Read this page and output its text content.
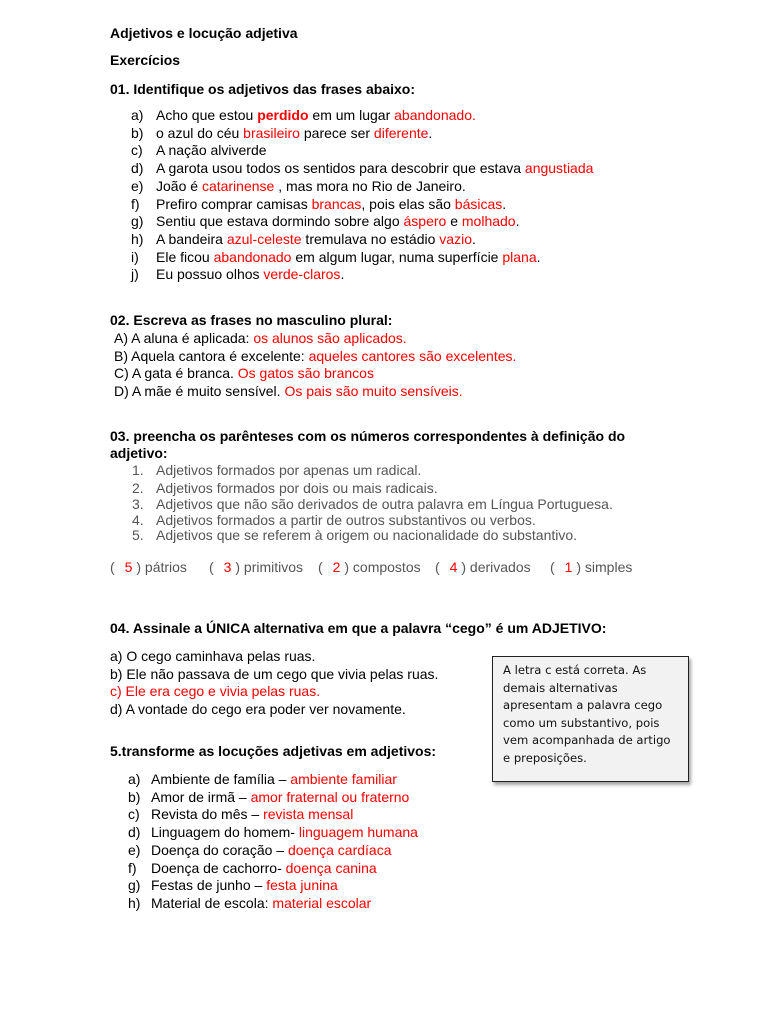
Adjetivos e locução adjetiva
Exercícios
01. Identifique os adjetivos das frases abaixo:
a) Acho que estou perdido em um lugar abandonado.
b) o azul do céu brasileiro parece ser diferente.
c) A nação alviverde
d) A garota usou todos os sentidos para descobrir que estava angustiada
e) João é catarinense , mas mora no Rio de Janeiro.
f) Prefiro comprar camisas brancas, pois elas são básicas.
g) Sentiu que estava dormindo sobre algo áspero e molhado.
h) A bandeira azul-celeste tremulava no estádio vazio.
i) Ele ficou abandonado em algum lugar, numa superfície plana.
j) Eu possuo olhos verde-claros.
02. Escreva as frases no masculino plural:
A) A aluna é aplicada: os alunos são aplicados.
B) Aquela cantora é excelente: aqueles cantores são excelentes.
C) A gata é branca. Os gatos são brancos
D) A mãe é muito sensível. Os pais são muito sensíveis.
03. preencha os parênteses com os números correspondentes à definição do
adjetivo:
1. Adjetivos formados por apenas um radical.
2. Adjetivos formados por dois ou mais radicais.
3. Adjetivos que não são derivados de outra palavra em Língua Portuguesa.
4. Adjetivos formados a partir de outros substantivos ou verbos.
5. Adjetivos que se referem à origem ou nacionalidade do substantivo.
( 5 ) pátrios ( 3 ) primitivos ( 2 ) compostos ( 4 ) derivados ( 1 ) simples
04. Assinale a ÚNICA alternativa em que a palavra “cego” é um ADJETIVO:
a) O cego caminhava pelas ruas.
b) Ele não passava de um cego que vivia pelas ruas.
c) Ele era cego e vivia pelas ruas.
d) A vontade do cego era poder ver novamente.
A letra c está correta. As demais alternativas apresentam a palavra cego como um substantivo, pois vem acompanhada de artigo e preposições.
5.transforme as locuções adjetivas em adjetivos:
a) Ambiente de família – ambiente familiar
b) Amor de irmã – amor fraternal ou fraterno
c) Revista do mês – revista mensal
d) Linguagem do homem- linguagem humana
e) Doença do coração – doença cardíaca
f) Doença de cachorro- doença canina
g) Festas de junho – festa junina
h) Material de escola: material escolar
